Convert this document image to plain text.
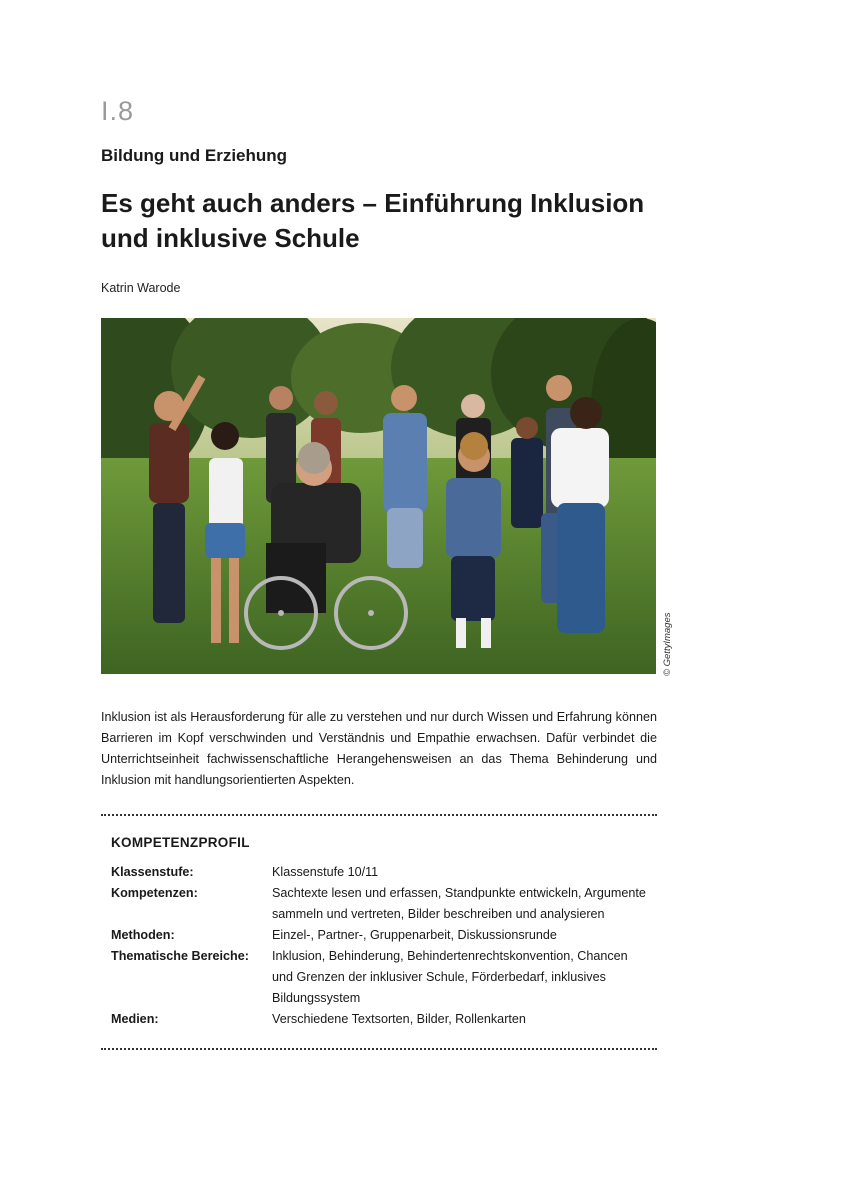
I.8
Bildung und Erziehung
Es geht auch anders – Einführung Inklusion und inklusive Schule
Katrin Warode
© GettyImages

Inklusion ist als Herausforderung für alle zu verstehen und nur durch Wissen und Erfahrung können Barrieren im Kopf verschwinden und Verständnis und Empathie erwachsen. Dafür verbindet die Unterrichtseinheit fachwissenschaftliche Herangehensweisen an das Thema Behinderung und Inklusion mit handlungsorientierten Aspekten.

KOMPETENZPROFIL
Klassenstufe:	Klassenstufe 10/11
Kompetenzen:	Sachtexte lesen und erfassen, Standpunkte entwickeln, Argumente sammeln und vertreten, Bilder beschreiben und analysieren
Methoden:	Einzel-, Partner-, Gruppenarbeit, Diskussionsrunde
Thematische Bereiche:	Inklusion, Behinderung, Behindertenrechtskonvention, Chancen und Grenzen der inklusiver Schule, Förderbedarf, inklusives Bildungssystem
Medien:	Verschiedene Textsorten, Bilder, Rollenkarten
